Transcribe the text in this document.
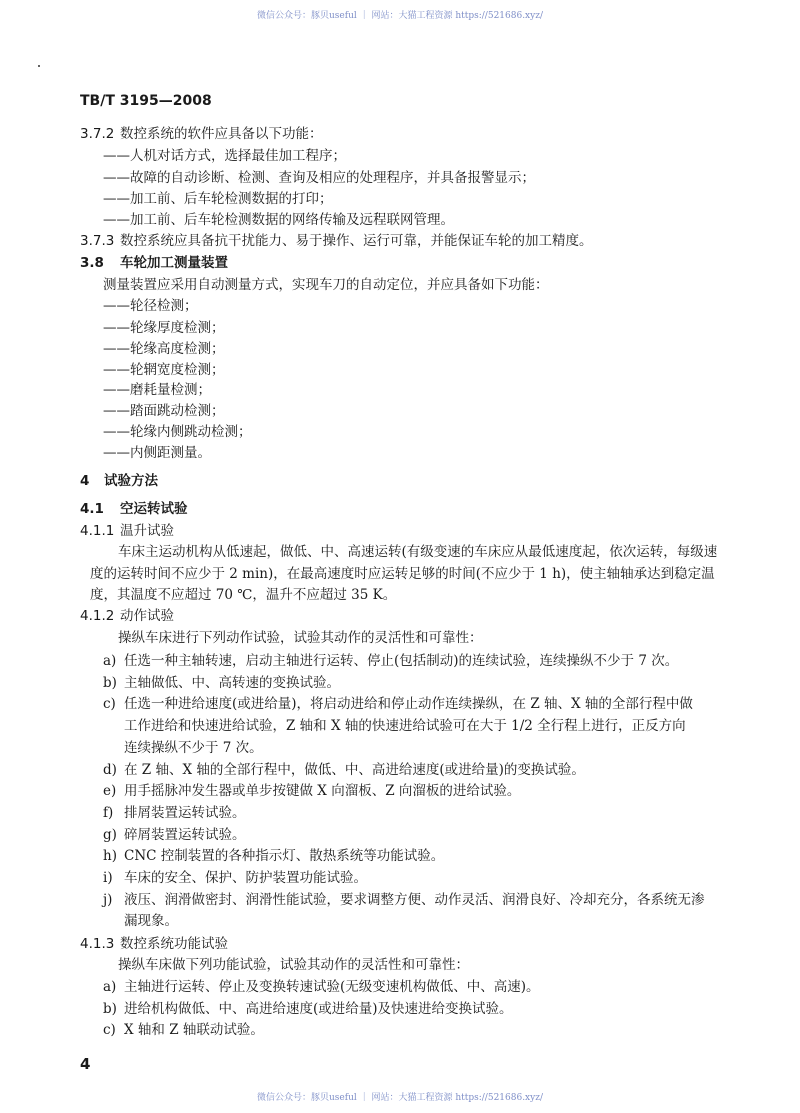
微信公众号：豚贝useful ｜ 网站：大猫工程资源 https://521686.xyz/
TB/T 3195—2008
3.7.2 数控系统的软件应具备以下功能：
——人机对话方式，选择最佳加工程序；
——故障的自动诊断、检测、查询及相应的处理程序，并具备报警显示；
——加工前、后车轮检测数据的打印；
——加工前、后车轮检测数据的网络传输及远程联网管理。
3.7.3 数控系统应具备抗干扰能力、易于操作、运行可靠，并能保证车轮的加工精度。
3.8 车轮加工测量装置
测量装置应采用自动测量方式，实现车刀的自动定位，并应具备如下功能：
——轮径检测；
——轮缘厚度检测；
——轮缘高度检测；
——轮辋宽度检测；
——磨耗量检测；
——踏面跳动检测；
——轮缘内侧跳动检测；
——内侧距测量。
4 试验方法
4.1 空运转试验
4.1.1 温升试验
车床主运动机构从低速起，做低、中、高速运转(有级变速的车床应从最低速度起，依次运转，每级速
度的运转时间不应少于 2 min)，在最高速度时应运转足够的时间(不应少于 1 h)，使主轴轴承达到稳定温
度，其温度不应超过 70 ℃，温升不应超过 35 K。
4.1.2 动作试验
操纵车床进行下列动作试验，试验其动作的灵活性和可靠性：
4.1.3 数控系统功能试验
操纵车床做下列功能试验，试验其动作的灵活性和可靠性：
4
微信公众号：豚贝useful ｜ 网站：大猫工程资源 https://521686.xyz/
a) 任选一种主轴转速，启动主轴进行运转、停止(包括制动)的连续试验，连续操纵不少于 7 次。
b) 主轴做低、中、高转速的变换试验。
c) 任选一种进给速度(或进给量)，将启动进给和停止动作连续操纵，在 Z 轴、X 轴的全部行程中做
工作进给和快速进给试验，Z 轴和 X 轴的快速进给试验可在大于 1/2 全行程上进行，正反方向
连续操纵不少于 7 次。
d) 在 Z 轴、X 轴的全部行程中，做低、中、高进给速度(或进给量)的变换试验。
e) 用手摇脉冲发生器或单步按键做 X 向溜板、Z 向溜板的进给试验。
f) 排屑装置运转试验。
g) 碎屑装置运转试验。
h) CNC 控制装置的各种指示灯、散热系统等功能试验。
i) 车床的安全、保护、防护装置功能试验。
j) 液压、润滑做密封、润滑性能试验，要求调整方便、动作灵活、润滑良好、冷却充分，各系统无渗
漏现象。
a) 主轴进行运转、停止及变换转速试验(无级变速机构做低、中、高速)。
b) 进给机构做低、中、高进给速度(或进给量)及快速进给变换试验。
c) X 轴和 Z 轴联动试验。
